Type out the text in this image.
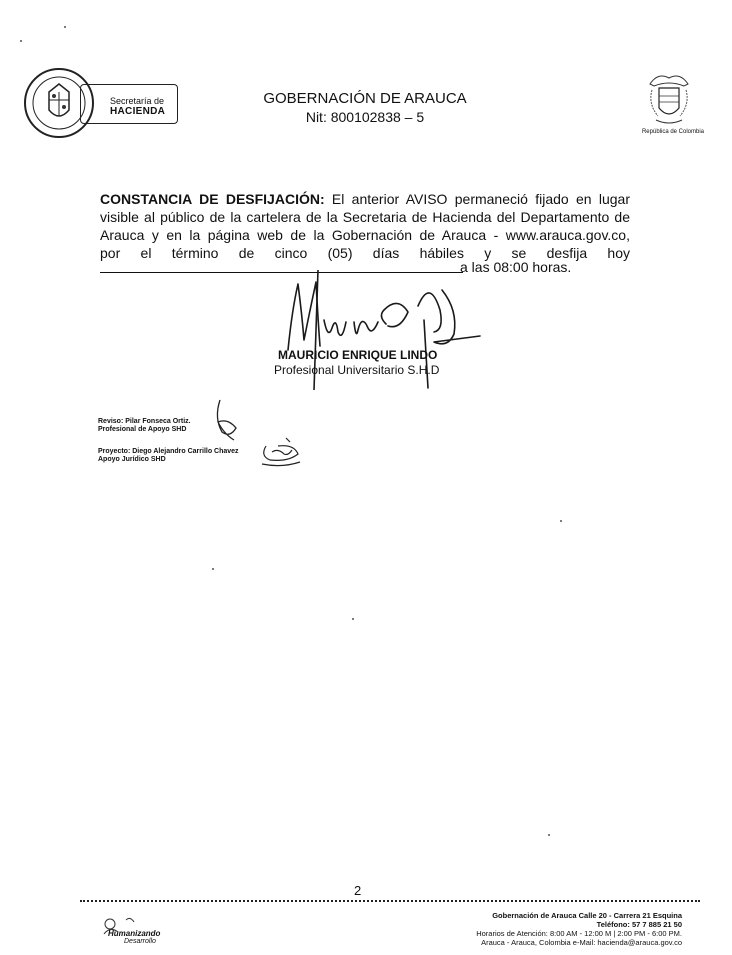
Secretaría de
HACIENDA
GOBERNACIÓN DE ARAUCA
Nit: 800102838 – 5
República de Colombia
CONSTANCIA DE DESFIJACIÓN: El anterior AVISO permaneció fijado en lugar
visible al público de la cartelera de la Secretaria de Hacienda del Departamento de
Arauca y en la página web de la Gobernación de Arauca - www.arauca.gov.co,
por el término de cinco (05) días hábiles y se desfija hoy
a las 08:00 horas.
MAURICIO ENRIQUE LINDO
Profesional Universitario S.H.D
Reviso: Pilar Fonseca Ortiz.
Profesional de Apoyo SHD
Proyecto: Diego Alejandro Carrillo Chavez
Apoyo Jurídico SHD
2
Humanizando
Desarrollo
Gobernación de Arauca Calle 20 - Carrera 21 Esquina
Teléfono: 57 7 885 21 50
Horarios de Atención: 8:00 AM - 12:00 M | 2:00 PM - 6:00 PM.
Arauca - Arauca, Colombia e-Mail: hacienda@arauca.gov.co
